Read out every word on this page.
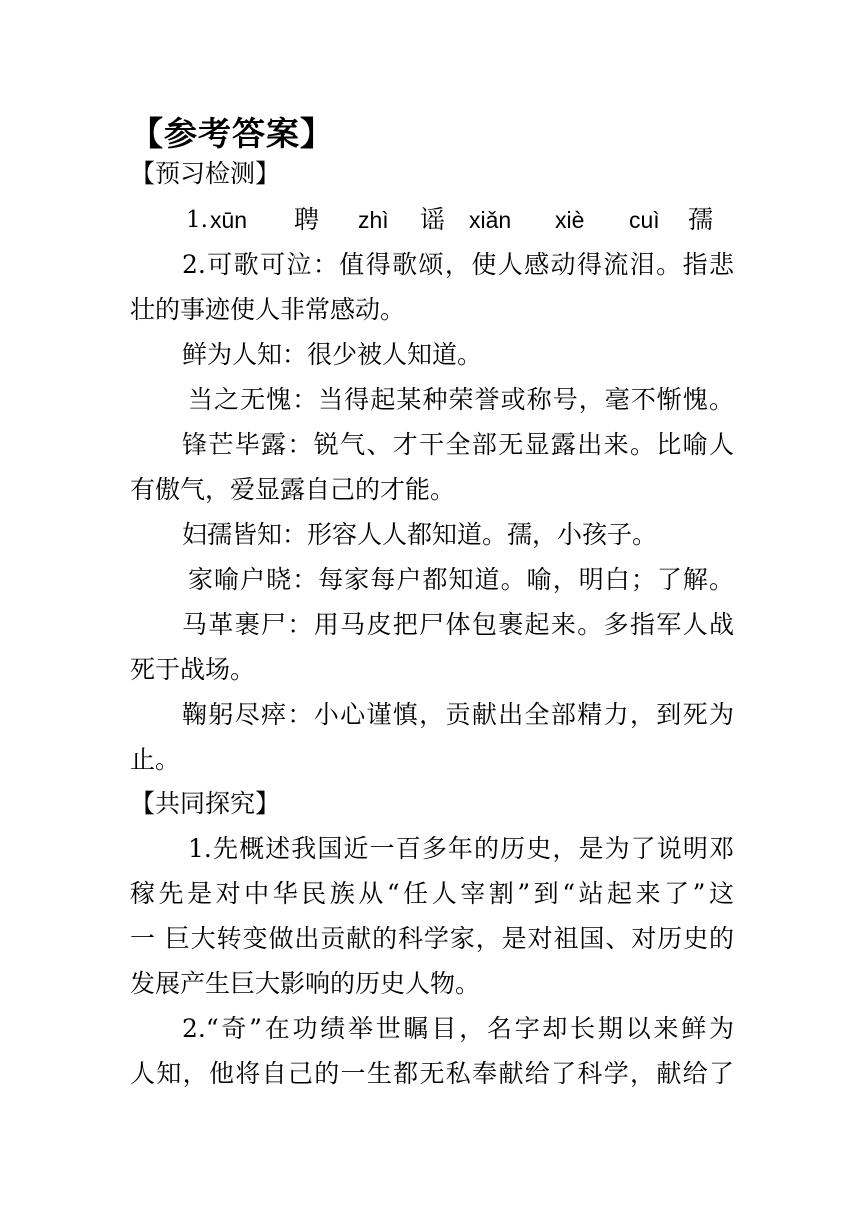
【参考答案】
【预习检测】
1. xūn 聘 zhì 谣 xiǎn xiè cuì 孺
2.可歌可泣：值得歌颂，使人感动得流泪。指悲
壮的事迹使人非常感动。
鲜为人知：很少被人知道。
当之无愧：当得起某种荣誉或称号，毫不惭愧。
锋芒毕露：锐气、才干全部无显露出来。比喻人
有傲气，爱显露自己的才能。
妇孺皆知：形容人人都知道。孺，小孩子。
家喻户晓：每家每户都知道。喻，明白；了解。
马革裹尸：用马皮把尸体包裹起来。多指军人战
死于战场。
鞠躬尽瘁：小心谨慎，贡献出全部精力，到死为
止。
【共同探究】
1.先概述我国近一百多年的历史，是为了说明邓
稼先是对中华民族从“任人宰割”到“站起来了”这
一 巨大转变做出贡献的科学家，是对祖国、对历史的
发展产生巨大影响的历史人物。
2.“奇”在功绩举世瞩目，名字却长期以来鲜为
人知，他将自己的一生都无私奉献给了科学，献给了
